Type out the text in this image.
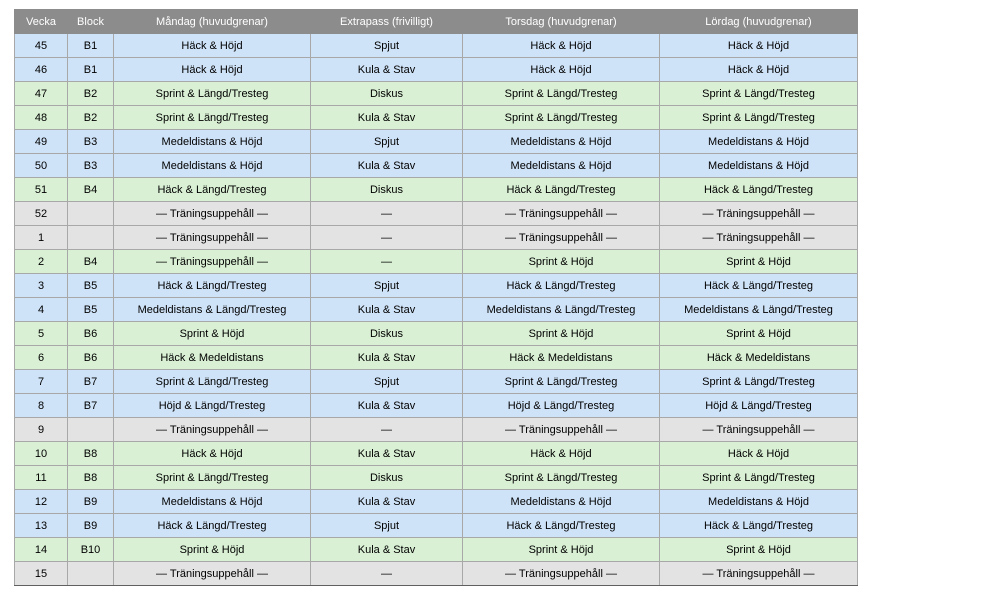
Vecka	Block	Måndag (huvudgrenar)	Extrapass (frivilligt)	Torsdag (huvudgrenar)	Lördag (huvudgrenar)
45	B1	Häck & Höjd	Spjut	Häck & Höjd	Häck & Höjd
46	B1	Häck & Höjd	Kula & Stav	Häck & Höjd	Häck & Höjd
47	B2	Sprint & Längd/Tresteg	Diskus	Sprint & Längd/Tresteg	Sprint & Längd/Tresteg
48	B2	Sprint & Längd/Tresteg	Kula & Stav	Sprint & Längd/Tresteg	Sprint & Längd/Tresteg
49	B3	Medeldistans & Höjd	Spjut	Medeldistans & Höjd	Medeldistans & Höjd
50	B3	Medeldistans & Höjd	Kula & Stav	Medeldistans & Höjd	Medeldistans & Höjd
51	B4	Häck & Längd/Tresteg	Diskus	Häck & Längd/Tresteg	Häck & Längd/Tresteg
52		— Träningsuppehåll —	—	— Träningsuppehåll —	— Träningsuppehåll —
1		— Träningsuppehåll —	—	— Träningsuppehåll —	— Träningsuppehåll —
2	B4	— Träningsuppehåll —	—	Sprint & Höjd	Sprint & Höjd
3	B5	Häck & Längd/Tresteg	Spjut	Häck & Längd/Tresteg	Häck & Längd/Tresteg
4	B5	Medeldistans & Längd/Tresteg	Kula & Stav	Medeldistans & Längd/Tresteg	Medeldistans & Längd/Tresteg
5	B6	Sprint & Höjd	Diskus	Sprint & Höjd	Sprint & Höjd
6	B6	Häck & Medeldistans	Kula & Stav	Häck & Medeldistans	Häck & Medeldistans
7	B7	Sprint & Längd/Tresteg	Spjut	Sprint & Längd/Tresteg	Sprint & Längd/Tresteg
8	B7	Höjd & Längd/Tresteg	Kula & Stav	Höjd & Längd/Tresteg	Höjd & Längd/Tresteg
9		— Träningsuppehåll —	—	— Träningsuppehåll —	— Träningsuppehåll —
10	B8	Häck & Höjd	Kula & Stav	Häck & Höjd	Häck & Höjd
11	B8	Sprint & Längd/Tresteg	Diskus	Sprint & Längd/Tresteg	Sprint & Längd/Tresteg
12	B9	Medeldistans & Höjd	Kula & Stav	Medeldistans & Höjd	Medeldistans & Höjd
13	B9	Häck & Längd/Tresteg	Spjut	Häck & Längd/Tresteg	Häck & Längd/Tresteg
14	B10	Sprint & Höjd	Kula & Stav	Sprint & Höjd	Sprint & Höjd
15		— Träningsuppehåll —	—	— Träningsuppehåll —	— Träningsuppehåll —
